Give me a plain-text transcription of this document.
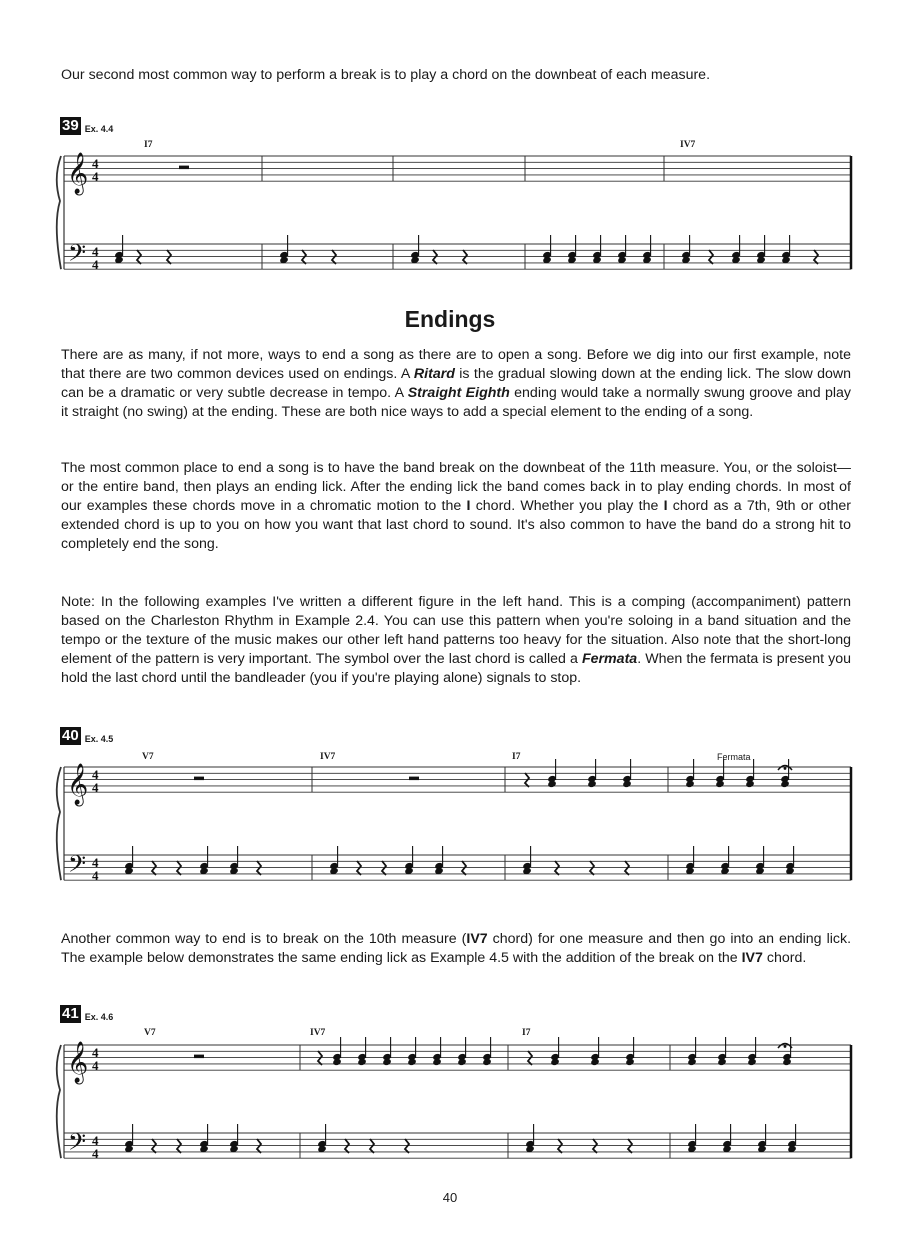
Our second most common way to perform a break is to play a chord on the downbeat of each measure.

39 Ex. 4.4
I7	IV7
Endings

There are as many, if not more, ways to end a song as there are to open a song. Before we dig into our first example, note that there are two common devices used on endings. A Ritard is the gradual slowing down at the ending lick. The slow down can be a dramatic or very subtle decrease in tempo. A Straight Eighth ending would take a normally swung groove and play it straight (no swing) at the ending. These are both nice ways to add a special element to the ending of a song.

The most common place to end a song is to have the band break on the downbeat of the 11th measure. You, or the soloist—or the entire band, then plays an ending lick. After the ending lick the band comes back in to play ending chords. In most of our examples these chords move in a chromatic motion to the I chord. Whether you play the I chord as a 7th, 9th or other extended chord is up to you on how you want that last chord to sound. It's also common to have the band do a strong hit to completely end the song.

Note: In the following examples I've written a different figure in the left hand. This is a comping (accompaniment) pattern based on the Charleston Rhythm in Example 2.4. You can use this pattern when you're soloing in a band situation and the tempo or the texture of the music makes our other left hand patterns too heavy for the situation. Also note that the short-long element of the pattern is very important. The symbol over the last chord is called a Fermata. When the fermata is present you hold the last chord until the bandleader (you if you're playing alone) signals to stop.

40 Ex. 4.5
V7	IV7	I7	Fermata

Another common way to end is to break on the 10th measure (IV7 chord) for one measure and then go into an ending lick. The example below demonstrates the same ending lick as Example 4.5 with the addition of the break on the IV7 chord.

41 Ex. 4.6
V7	IV7	I7
𝄞
𝄢
4
4
4
4
𝄞
𝄢
4
4
4
4
𝄞
𝄢
4
4
4
4
40
